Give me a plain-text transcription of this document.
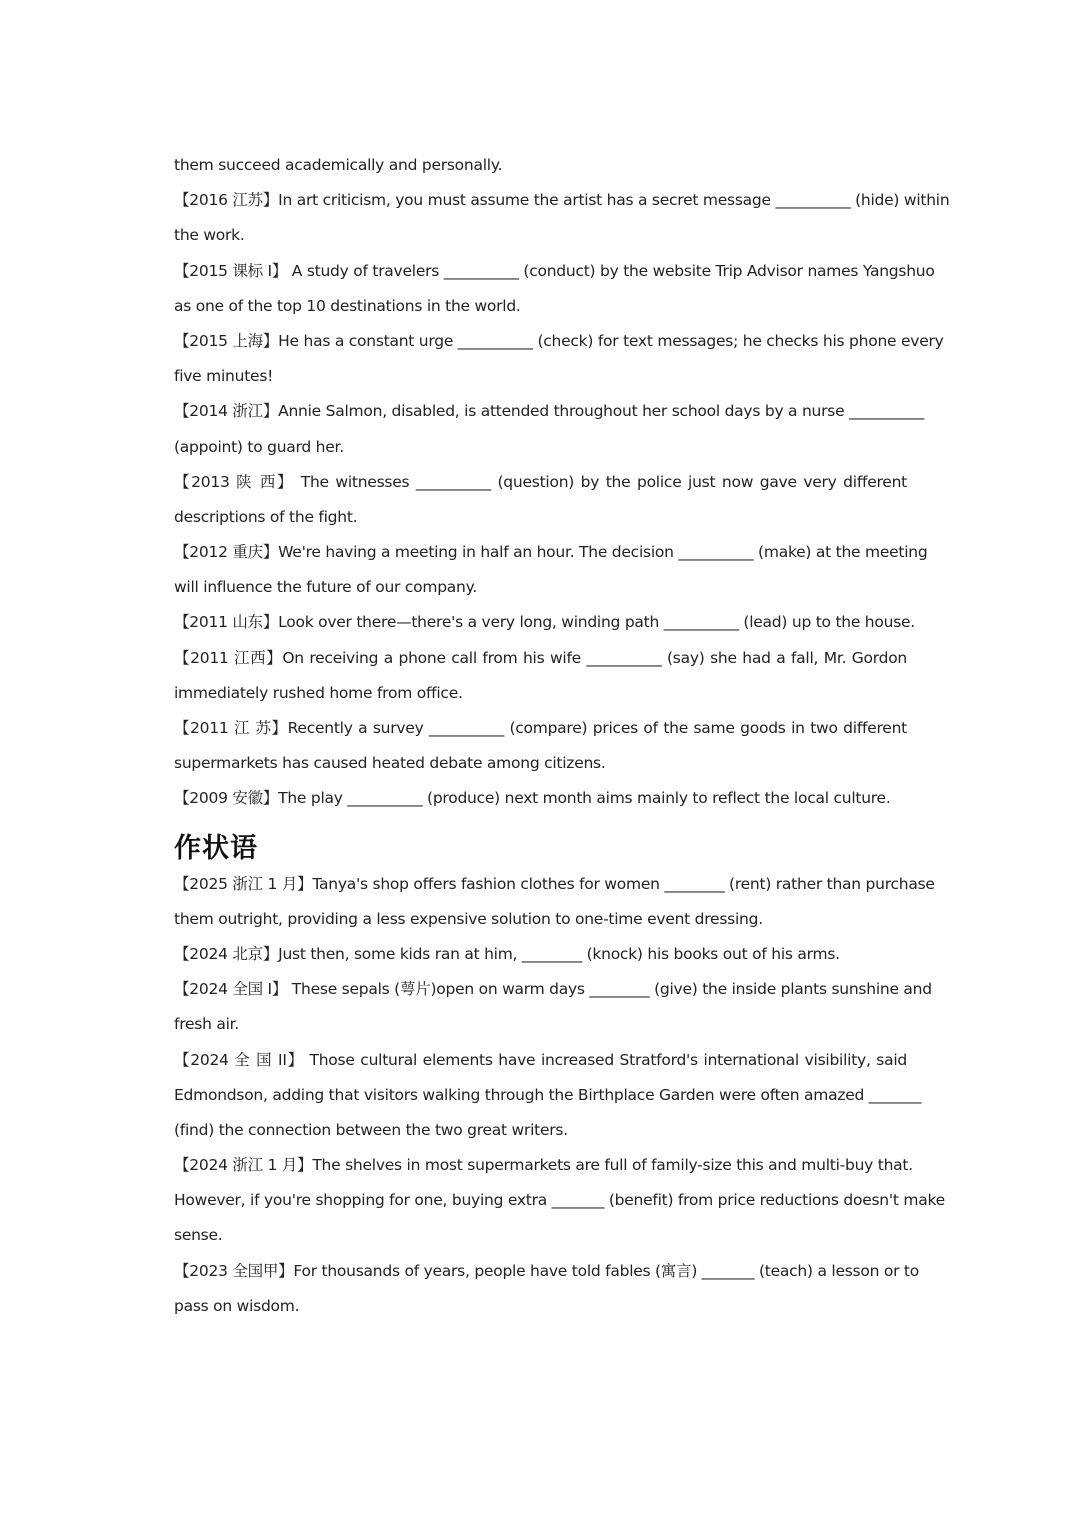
them succeed academically and personally.
【2016 江苏】In art criticism, you must assume the artist has a secret message __________ (hide) within
the work.
【2015 课标 I】 A study of travelers __________ (conduct) by the website Trip Advisor names Yangshuo
as one of the top 10 destinations in the world.
【2015 上海】He has a constant urge __________ (check) for text messages; he checks his phone every
five minutes!
【2014 浙江】Annie Salmon, disabled, is attended throughout her school days by a nurse __________
(appoint) to guard her.
【2013 陕 西】 The witnesses __________ (question) by the police just now gave very different
descriptions of the fight.
【2012 重庆】We're having a meeting in half an hour. The decision __________ (make) at the meeting
will influence the future of our company.
【2011 山东】Look over there—there's a very long, winding path __________ (lead) up to the house.
【2011 江西】On receiving a phone call from his wife __________ (say) she had a fall, Mr. Gordon
immediately rushed home from office.
【2011 江 苏】Recently a survey __________ (compare) prices of the same goods in two different
supermarkets has caused heated debate among citizens.
【2009 安徽】The play __________ (produce) next month aims mainly to reflect the local culture.
作状语
【2025 浙江 1 月】Tanya's shop offers fashion clothes for women ________ (rent) rather than purchase
them outright, providing a less expensive solution to one-time event dressing.
【2024 北京】Just then, some kids ran at him, ________ (knock) his books out of his arms.
【2024 全国 I】 These sepals (萼片)open on warm days ________ (give) the inside plants sunshine and
fresh air.
【2024 全 国 II】 Those cultural elements have increased Stratford's international visibility, said
Edmondson, adding that visitors walking through the Birthplace Garden were often amazed _______
(find) the connection between the two great writers.
【2024 浙江 1 月】The shelves in most supermarkets are full of family-size this and multi-buy that.
However, if you're shopping for one, buying extra _______ (benefit) from price reductions doesn't make
sense.
【2023 全国甲】For thousands of years, people have told fables (寓言) _______ (teach) a lesson or to
pass on wisdom.
